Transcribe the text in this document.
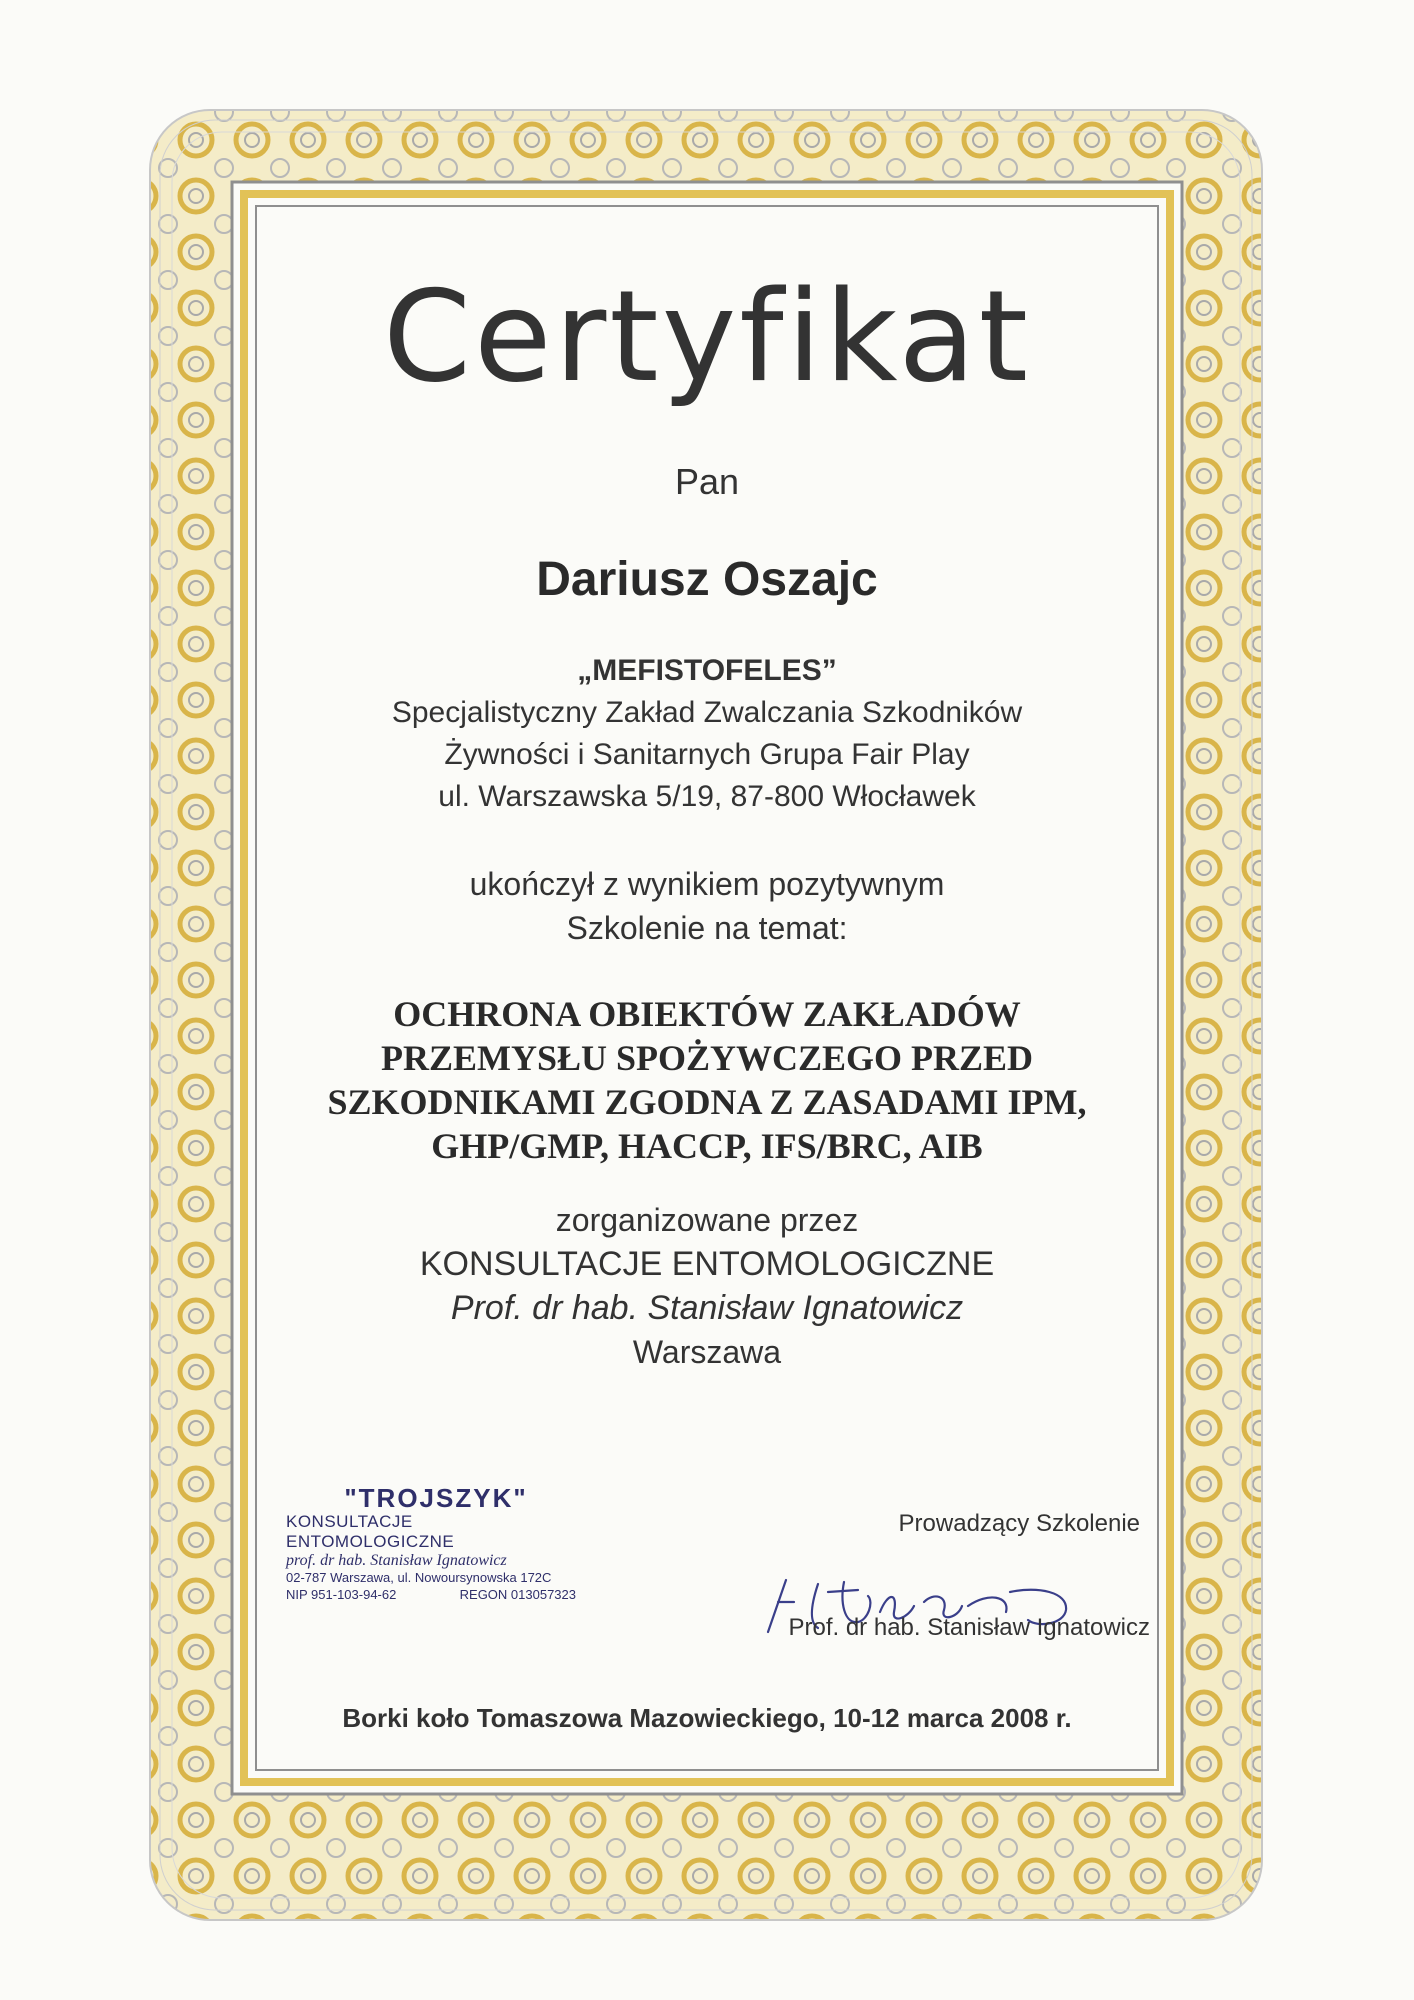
Certyfikat
Pan
Dariusz Oszajc
„MEFISTOFELES”
Specjalistyczny Zakład Zwalczania Szkodników
Żywności i Sanitarnych Grupa Fair Play
ul. Warszawska 5/19, 87-800 Włocławek
ukończył z wynikiem pozytywnym
Szkolenie na temat:
OCHRONA OBIEKTÓW ZAKŁADÓW
PRZEMYSŁU SPOŻYWCZEGO PRZED
SZKODNIKAMI ZGODNA Z ZASADAMI IPM,
GHP/GMP, HACCP, IFS/BRC, AIB
zorganizowane przez
KONSULTACJE ENTOMOLOGICZNE
Prof. dr hab. Stanisław Ignatowicz
Warszawa
"TROJSZYK"
KONSULTACJE ENTOMOLOGICZNE
prof. dr hab. Stanisław Ignatowicz
02-787 Warszawa, ul. Nowoursynowska 172C
NIP 951-103-94-62	REGON 013057323
Prowadzący Szkolenie
Prof. dr hab. Stanisław Ignatowicz
Borki koło Tomaszowa Mazowieckiego, 10-12 marca 2008 r.
